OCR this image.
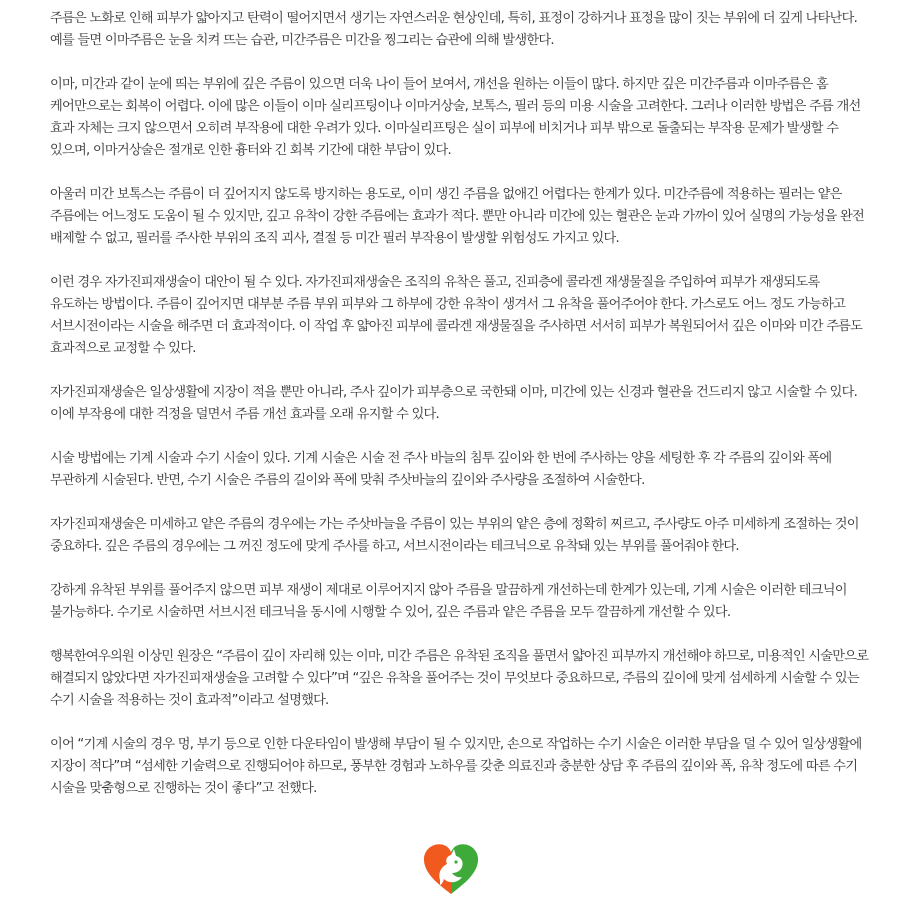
주름은 노화로 인해 피부가 얇아지고 탄력이 떨어지면서 생기는 자연스러운 현상인데, 특히, 표정이 강하거나 표정을 많이 짓는 부위에 더 깊게 나타난다. 예를 들면 이마주름은 눈을 치켜 뜨는 습관, 미간주름은 미간을 찡그리는 습관에 의해 발생한다.

이마, 미간과 같이 눈에 띄는 부위에 깊은 주름이 있으면 더욱 나이 들어 보여서, 개선을 원하는 이들이 많다. 하지만 깊은 미간주름과 이마주름은 홈 케어만으로는 회복이 어렵다. 이에 많은 이들이 이마 실리프팅이나 이마거상술, 보톡스, 필러 등의 미용 시술을 고려한다. 그러나 이러한 방법은 주름 개선 효과 자체는 크지 않으면서 오히려 부작용에 대한 우려가 있다. 이마실리프팅은 실이 피부에 비치거나 피부 밖으로 돌출되는 부작용 문제가 발생할 수 있으며, 이마거상술은 절개로 인한 흉터와 긴 회복 기간에 대한 부담이 있다.

아울러 미간 보톡스는 주름이 더 깊어지지 않도록 방지하는 용도로, 이미 생긴 주름을 없애긴 어렵다는 한계가 있다. 미간주름에 적용하는 필러는 얕은 주름에는 어느정도 도움이 될 수 있지만, 깊고 유착이 강한 주름에는 효과가 적다. 뿐만 아니라 미간에 있는 혈관은 눈과 가까이 있어 실명의 가능성을 완전 배제할 수 없고, 필러를 주사한 부위의 조직 괴사, 결절 등 미간 필러 부작용이 발생할 위험성도 가지고 있다.

이런 경우 자가진피재생술이 대안이 될 수 있다. 자가진피재생술은 조직의 유착은 풀고, 진피층에 콜라겐 재생물질을 주입하여 피부가 재생되도록 유도하는 방법이다. 주름이 깊어지면 대부분 주름 부위 피부와 그 하부에 강한 유착이 생겨서 그 유착을 풀어주어야 한다. 가스로도 어느 정도 가능하고 서브시전이라는 시술을 해주면 더 효과적이다. 이 작업 후 얇아진 피부에 콜라겐 재생물질을 주사하면 서서히 피부가 복원되어서 깊은 이마와 미간 주름도 효과적으로 교정할 수 있다.

자가진피재생술은 일상생활에 지장이 적을 뿐만 아니라, 주사 깊이가 피부층으로 국한돼 이마, 미간에 있는 신경과 혈관을 건드리지 않고 시술할 수 있다. 이에 부작용에 대한 걱정을 덜면서 주름 개선 효과를 오래 유지할 수 있다.

시술 방법에는 기계 시술과 수기 시술이 있다. 기계 시술은 시술 전 주사 바늘의 침투 깊이와 한 번에 주사하는 양을 세팅한 후 각 주름의 깊이와 폭에 무관하게 시술된다. 반면, 수기 시술은 주름의 길이와 폭에 맞춰 주삿바늘의 깊이와 주사량을 조절하여 시술한다.

자가진피재생술은 미세하고 얕은 주름의 경우에는 가는 주삿바늘을 주름이 있는 부위의 얕은 층에 정확히 찌르고, 주사량도 아주 미세하게 조절하는 것이 중요하다. 깊은 주름의 경우에는 그 꺼진 정도에 맞게 주사를 하고, 서브시전이라는 테크닉으로 유착돼 있는 부위를 풀어줘야 한다.

강하게 유착된 부위를 풀어주지 않으면 피부 재생이 제대로 이루어지지 않아 주름을 말끔하게 개선하는데 한계가 있는데, 기계 시술은 이러한 테크닉이 불가능하다. 수기로 시술하면 서브시전 테크닉을 동시에 시행할 수 있어, 깊은 주름과 얕은 주름을 모두 깔끔하게 개선할 수 있다.

행복한여우의원 이상민 원장은 “주름이 깊이 자리해 있는 이마, 미간 주름은 유착된 조직을 풀면서 얇아진 피부까지 개선해야 하므로, 미용적인 시술만으로 해결되지 않았다면 자가진피재생술을 고려할 수 있다”며 “깊은 유착을 풀어주는 것이 무엇보다 중요하므로, 주름의 깊이에 맞게 섬세하게 시술할 수 있는 수기 시술을 적용하는 것이 효과적”이라고 설명했다.

이어 “기계 시술의 경우 멍, 부기 등으로 인한 다운타임이 발생해 부담이 될 수 있지만, 손으로 작업하는 수기 시술은 이러한 부담을 덜 수 있어 일상생활에 지장이 적다”며 “섬세한 기술력으로 진행되어야 하므로, 풍부한 경험과 노하우를 갖춘 의료진과 충분한 상담 후 주름의 깊이와 폭, 유착 정도에 따른 수기 시술을 맞춤형으로 진행하는 것이 좋다”고 전했다.
